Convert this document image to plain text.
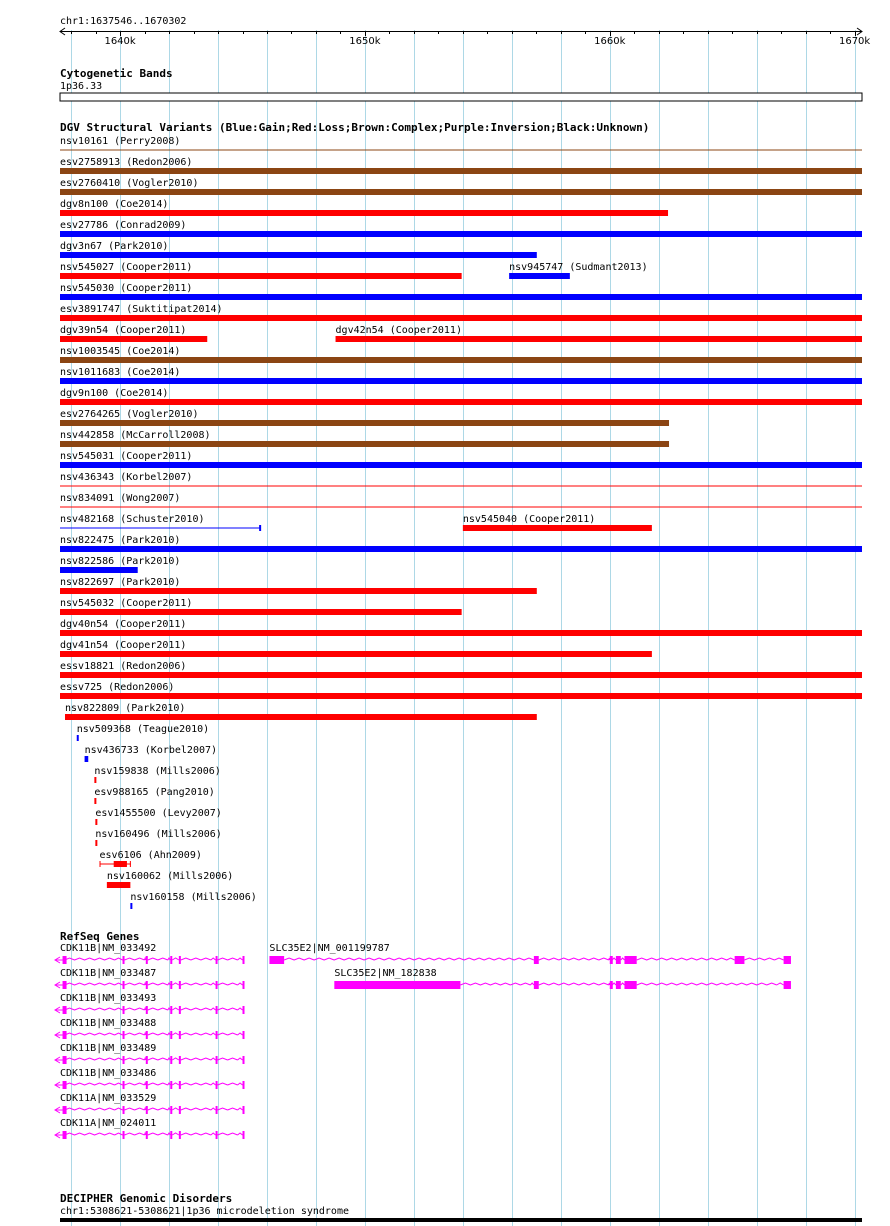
chr1:1637546..1670302
1640k	1650k	1660k	1670k
Cytogenetic Bands
1p36.33
DGV Structural Variants (Blue:Gain;Red:Loss;Brown:Complex;Purple:Inversion;Black:Unknown)
nsv10161 (Perry2008)
esv2758913 (Redon2006)
esv2760410 (Vogler2010)
dgv8n100 (Coe2014)
esv27786 (Conrad2009)
dgv3n67 (Park2010)
nsv545027 (Cooper2011)	nsv945747 (Sudmant2013)
nsv545030 (Cooper2011)
esv3891747 (Suktitipat2014)
dgv39n54 (Cooper2011)	dgv42n54 (Cooper2011)
nsv1003545 (Coe2014)
nsv1011683 (Coe2014)
dgv9n100 (Coe2014)
esv2764265 (Vogler2010)
nsv442858 (McCarroll2008)
nsv545031 (Cooper2011)
nsv436343 (Korbel2007)
nsv834091 (Wong2007)
nsv482168 (Schuster2010)	nsv545040 (Cooper2011)
nsv822475 (Park2010)
nsv822586 (Park2010)
nsv822697 (Park2010)
nsv545032 (Cooper2011)
dgv40n54 (Cooper2011)
dgv41n54 (Cooper2011)
essv18821 (Redon2006)
essv725 (Redon2006)
nsv822809 (Park2010)
nsv509368 (Teague2010)
nsv436733 (Korbel2007)
nsv159838 (Mills2006)
esv988165 (Pang2010)
esv1455500 (Levy2007)
nsv160496 (Mills2006)
esv6106 (Ahn2009)
nsv160062 (Mills2006)
nsv160158 (Mills2006)
RefSeq Genes
CDK11B|NM_033492
CDK11B|NM_033487
CDK11B|NM_033493
CDK11B|NM_033488
CDK11B|NM_033489
CDK11B|NM_033486
CDK11A|NM_033529
CDK11A|NM_024011
SLC35E2|NM_001199787
SLC35E2|NM_182838
DECIPHER Genomic Disorders
chr1:5308621-5308621|1p36 microdeletion syndrome
